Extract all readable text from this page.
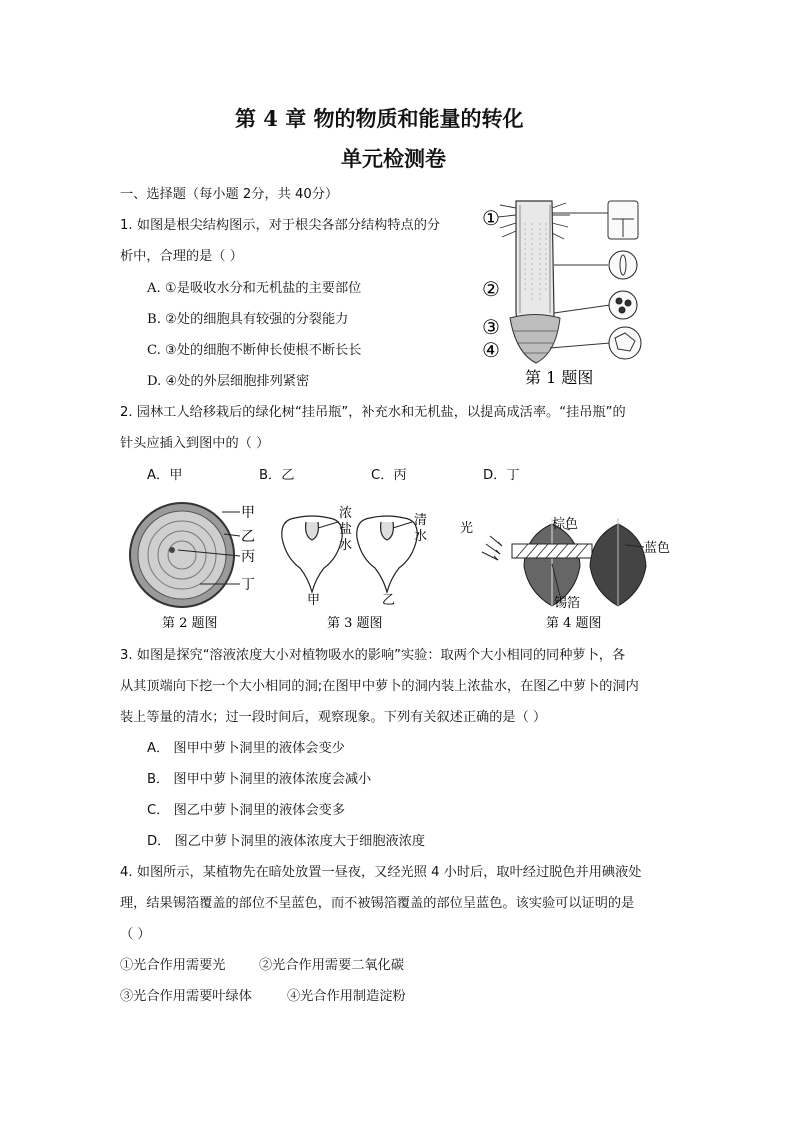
第 4 章 物的物质和能量的转化
单元检测卷
一、选择题（每小题 2分，共 40分）
1. 如图是根尖结构图示，对于根尖各部分结构特点的分
析中，合理的是（ ）
A. ①是吸收水分和无机盐的主要部位
B. ②处的细胞具有较强的分裂能力
C. ③处的细胞不断伸长使根不断长长
D. ④处的外层细胞排列紧密
①
②
③
④
第 1 题图
2. 园林工人给移栽后的绿化树“挂吊瓶”，补充水和无机盐，以提高成活率。“挂吊瓶”的
针头应插入到图中的（ ）
A．甲	B．乙	C．丙	D．丁
甲
乙
丙
丁
第 2 题图
浓
盐
水
清
水
甲	乙
第 3 题图
光	棕色
蓝色
锡箔
第 4 题图
3. 如图是探究“溶液浓度大小对植物吸水的影响”实验：取两个大小相同的同种萝卜，各
从其顶端向下挖一个大小相同的洞;在图甲中萝卜的洞内装上浓盐水，在图乙中萝卜的洞内
装上等量的清水；过一段时间后，观察现象。下列有关叙述正确的是（ ）
A． 图甲中萝卜洞里的液体会变少
B． 图甲中萝卜洞里的液体浓度会减小
C． 图乙中萝卜洞里的液体会变多
D． 图乙中萝卜洞里的液体浓度大于细胞液浓度
4. 如图所示，某植物先在暗处放置一昼夜，又经光照 4 小时后，取叶经过脱色并用碘液处
理，结果锡箔覆盖的部位不呈蓝色，而不被锡箔覆盖的部位呈蓝色。该实验可以证明的是
（ ）
①光合作用需要光	②光合作用需要二氧化碳
③光合作用需要叶绿体	④光合作用制造淀粉
